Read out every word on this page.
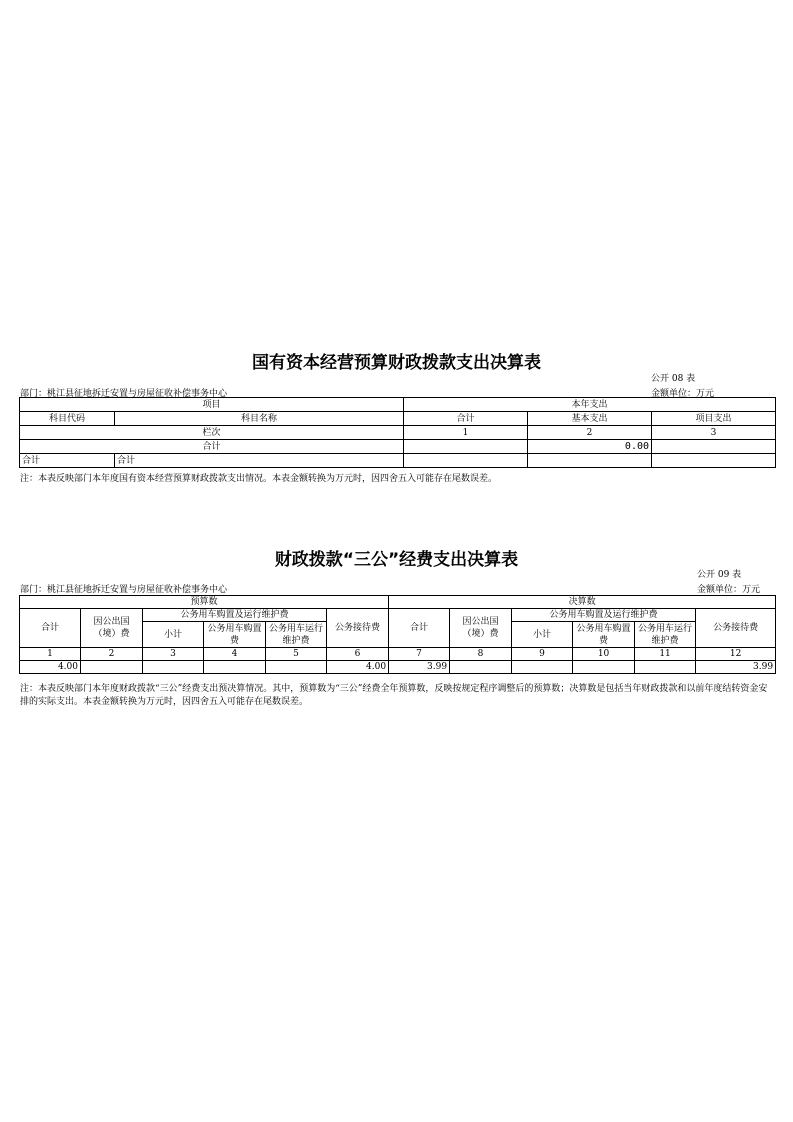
国有资本经营预算财政拨款支出决算表
公开 08 表
部门：桃江县征地拆迁安置与房屋征收补偿事务中心	金额单位：万元
项目		本年支出		
科目代码	科目名称	合计	基本支出	项目支出
栏次		1	2	3
合计			0.00	
合计	合计			
注：本表反映部门本年度国有资本经营预算财政拨款支出情况。本表金额转换为万元时，因四舍五入可能存在尾数误差。
财政拨款“三公”经费支出决算表
公开 09 表
部门：桃江县征地拆迁安置与房屋征收补偿事务中心	金额单位：万元
预算数						决算数					
合计	因公出国（境）费	公务用车购置及运行维护费			公务接待费	合计	因公出国（境）费	公务用车购置及运行维护费			公务接待费
		小计	公务用车购置费	公务用车运行维护费				小计	公务用车购置费	公务用车运行维护费	
1	2	3	4	5	6	7	8	9	10	11	12
4.00					4.00	3.99					3.99
注：本表反映部门本年度财政拨款“三公”经费支出预决算情况。其中，预算数为“三公”经费全年预算数，反映按规定程序调整后的预算数；决算数是包括当年财政拨款和以前年度结转资金安排的实际支出。本表金额转换为万元时，因四舍五入可能存在尾数误差。
